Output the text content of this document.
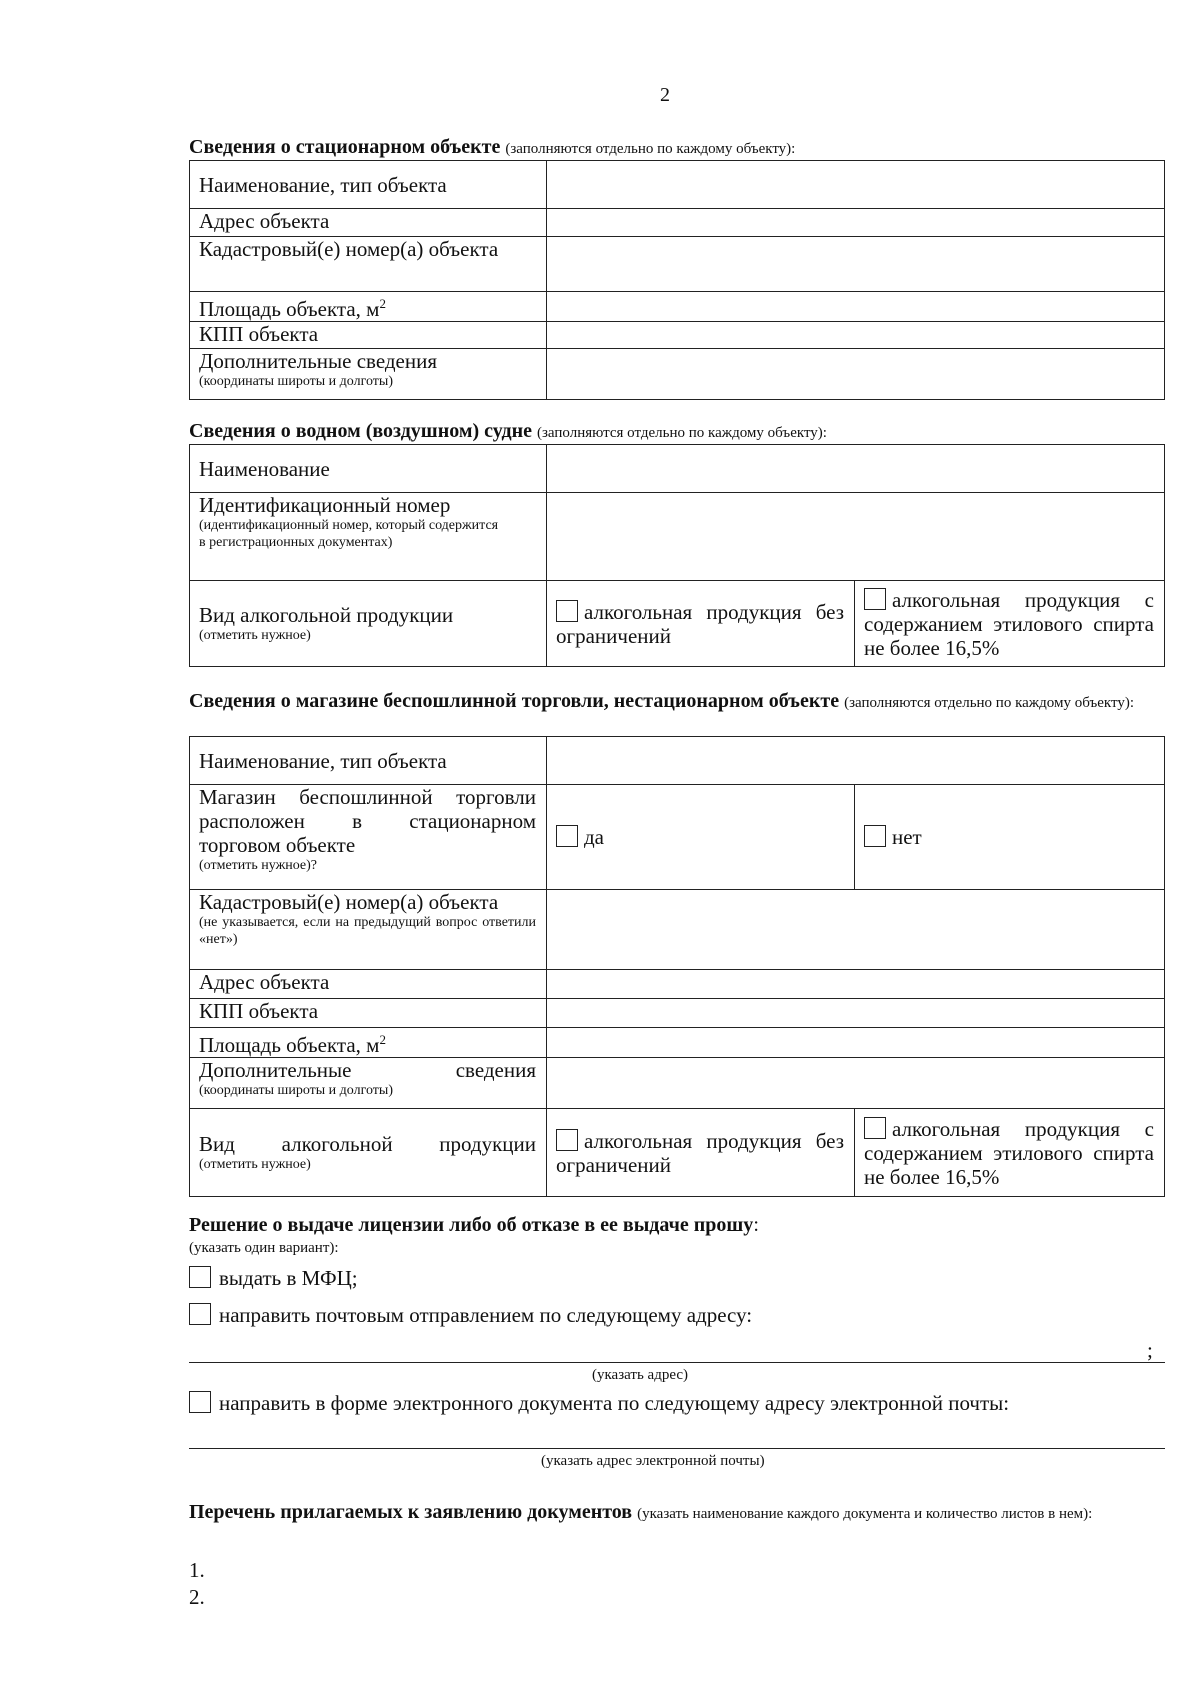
2
Сведения о стационарном объекте (заполняются отдельно по каждому объекту):
Наименование, тип объекта	
Адрес объекта	
Кадастровый(е) номер(а) объекта	
Площадь объекта, $м^2$	
КПП объекта	
Дополнительные сведения
(координаты широты и долготы)	

Сведения о водном (воздушном) судне (заполняются отдельно по каждому объекту):
Наименование		
Идентификационный номер
(идентификационный номер, который содержится в регистрационных документах)		

Вид алкогольной продукции
(отметить нужное)	алкогольная продукция без ограничений	алкогольная продукция с содержанием этилового спирта не более 16,5%
Сведения о магазине беспошлинной торговли, нестационарном объекте (заполняются отдельно по каждому объекту):
Наименование, тип объекта		

Магазин беспошлинной торговли расположен в стационарном торговом объекте
(отметить нужное)?	да	нет

Кадастровый(е) номер(а) объекта
(не указывается, если на предыдущий вопрос ответили «нет»)		

Адрес объекта		
КПП объекта		
Площадь объекта, $м^2$	

Дополнительные сведения
(координаты широты и долготы)		

Вид алкогольной продукции
(отметить нужное)	алкогольная продукция без ограничений	алкогольная продукция с содержанием этилового спирта не более 16,5%
Решение о выдаче лицензии либо об отказе в ее выдаче прошу:
(указать один вариант):
выдать в МФЦ;
направить почтовым отправлением по следующему адресу:
;
(указать адрес)
направить в форме электронного документа по следующему адресу электронной почты:
(указать адрес электронной почты)
Перечень прилагаемых к заявлению документов (указать наименование каждого документа и количество листов в нем):
1.
2.
